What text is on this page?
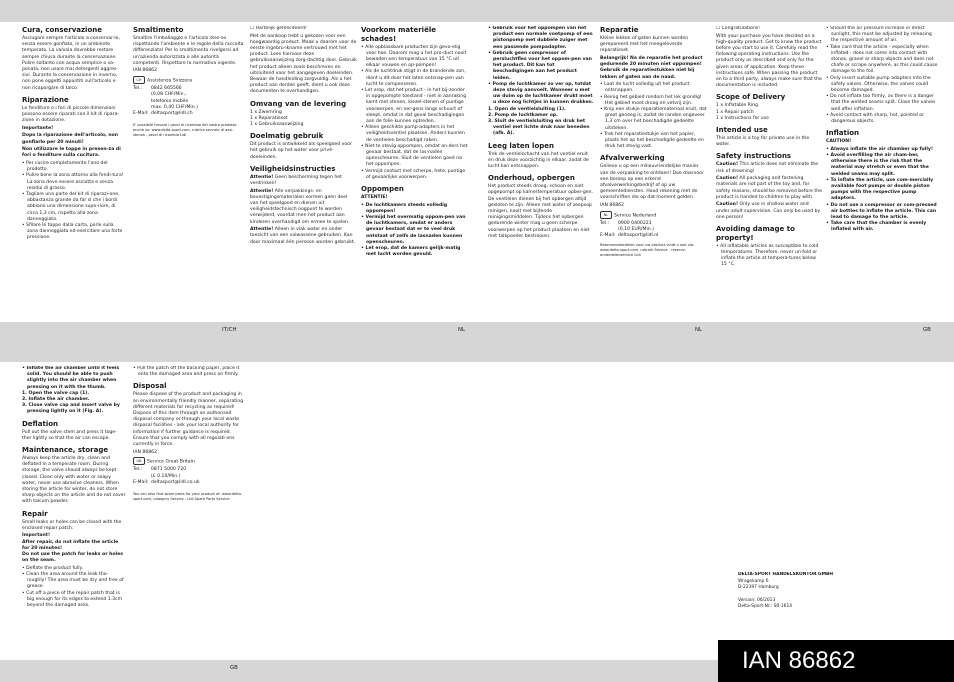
IT/CH	NL	NL	GB
GB
Cura, conservazione

Asciugare sempre l'articolo a conservar-lo, senza essere gonfiato, in un ambiente temperato. La valvola dovrebbe restare sempre chiusa durante la conservazione. Pulire soltanto con acqua semplice o sa-ponata, non usare mai detergenti aggres-sivi. Durante la conservazione in inverno, non pone oggetti appuntiti sull'articolo e non ricaporgare di talco.

Riparazione

Le fenditure o i fori di piccole dimensioni possono essere riparati con il kit di ripara-zione in dotazione.

Importante!

Dopo la riparazione dell'articolo, non gonfiarlo per 20 minuti!

Non utilizzare le toppe in presen-za di fori o fenditure sulla cucitura.

• Per cucire completamente l'ano del prodotto.
• Pulire bene la zona attorno alla fendi-tura! La zona deve essere asciutta e senza residui di grasso.
• Tagliare una parte del kit di riparazi-one, abbastanza grande da far sì che i bordi abbiano una dimensione supe-riore, di circa 1,3 cm, rispetto alla zona danneggiata.
• Sfilare le toppe dalla carta, porle sulla zona danneggiata ed esercitare una forte pressione.
Smaltimento

Smaltire l'imballaggio e l'articolo stes-so rispettando l'ambiente e le regole della raccolta differenziata! Per lo smaltimento rivolgersi ad un'azienda autorizzata o alle autorità competenti. Rispettare la normativa vigente.

IAN 86862

CH Assistenza Svizzera

Tel.:	0842 665566
(0,08 CHF/Min.,
telefonia mobile
max. 0,40 CHF/Min.)
E-Mail: deltasport@lidl.ch

E' possibile trovare i pezzi di ricambio del vostro prodotto anche su: www.delta-sport.com, rubrica servizio di assi-stenza - pezzi di ricambio Lidl

☐ Hartelijk gefeliciteerd!

Met de aankoop hebt u gekozen voor een hoogwaardig product. Maak u daarom voor de eerste ingebru-ikname vertrouwd met het product. Lees hiervoor deze gebruiksaanwijzing zorg-dachtig door. Gebruik het product alleen zoals beschreven en uitsluitend voor het aangegeven doeleinden. Bewaar de handleiding zorgvuldig. Als u het product aan derden geeft, dient u ook deze documenten te overhandigen.

Omvang van de levering

1 x Zwemring

1 x Reparatieset

1 x Gebruiksaanwijzing

Doelmatig gebruik

Dit product is ontwikkeld als speelgoed voor het gebruik op het water voor privé-doeleinden.

Veiligheidsinstructies

Attentie! Geen bescherming tegen het verdrinken!

Attentie! Alle verpakkings- en bevestigingsmaterialen vormen geen deel van het speelgoed en dienen uit veiligheidstechnisch oogpunt te worden verwijderd, voordat men het product aan kinderen overhandigd om ermee te spelen.

Attentie! Alleen in vlak water en onder toezicht van een volwassene gebruiken. Kan door maximaal één persoon worden gebruikt.

Voorkom materiële schades!
• Alle opblaasbare producten zijn gevo-elig voor hoe. Daarom mag u het pro-duct nooit bewaden een temperatuur van 15 °C uit elkaar vouwen en op-pompen!
• Als de luchtdruk stijgt in de brandende zon, dient u dit door het laten ontsnap-pen van lucht te compenseren.
• Let erop, dat het product - in het bij-zonder in opgepompte toestand - niet in aanraking komt met stenen, kiezel-stenen of puntige voorwerpen, en ner-gens langs schuurt of sleept, omdat in dat geval beschadigingen aan de folie kunnen optreden.
• Alleen geschikte pomp-adapters in het veiligheidsventiel plaatsen. Anders kunnen de ventielen beschadigd raken.
• Niet te stevig oppompen, omdat an-ders het gevaar bestaat, dat de las-naden openscheuren. Sluit de ventielen goed na het oppompen.
• Vermijd contact met scherpe, hete, puntige of gevaarlijke voorwerpen.
Oppompen

ATTENTIE!

• De luchtkamers steeds volledig oppompen!
• Vermijd het overmatig oppom-pen van de luchtkamers, omdat er anders gevaar bestaat dat er te veel druk ontstaat of zelfs de lasnaden kunnen openscheuren.
• Let erop, dat de kamers gelijk-matig met lucht worden gevuld.
• Gebruik voor het oppompen van het product een normale voetpomp of een pistonpomp met dubbele zuiger met een passende pompadapter.
• Gebruik geen compressor of persluchtfles voor het oppom-pen van het product. Dit kan tot beschadigingen aan het product leiden.
• Pomp de luchtkamer zo ver op, totdat deze stevig aanvoelt. Wanneer u met uw duim op de luchtkamer drukt moet u deze nog lichtjes in kunnen drukken.
1. Open de ventielsluiting (1).
2. Pomp de luchtkamer op.
3. Sluit de ventielsluiting en druk het ventiel met lichte druk naar beneden (afb. A).
Leeg laten lopen

Trek de ventielschacht van het ventiel eruit en druk deze voorzichtig in elkaar, zodat de lucht kan ontsnappen.

Onderhoud, opbergen

Het product steeds droog, schoon en niet opgepompt op kamertemperatuur opber-gen. De ventielen dienen bij het opbergen altijd gesloten te zijn. Alleen met water of zeepsop reinigen, nooit met bijtende reinigingsmiddelen. Tijdens het opbergen gedurende winter mag u geen scherpe voorwerpen op het product plaatsen en niet met talkpoeder bestrooien.

Reparatie

Kleine lekken of gaten kunnen worden gerepareerd met het meegeleverde reparatieset.

Belangrijk! Na de reparatie het product gedurende 20 minuten niet oppompen! Gebruik de reparatiestukken niet bij lekken of gaten aan de naad.

• Laat de lucht volledig uit het product ontsnappen.
• Reinig het gebied rondom het lek grondig! Het gebied moet droog en vetvrij zijn.
• Knip een stukje reparatiemateriaal eruit, dat groot genoeg is, zodat de randen ongeveer 1,3 cm over het beschadigde gedeelte uitsteken.
• Trek het reparatiestukje van het papier, plaats het op het beschadigde gedeelte en druk het stevig vast.
Afvalverwerking

Gelieve u op een milieuvriendelijke manier van de verpakking te ontdoen! Doe daarvoor een beroep op een erkend afvalverwerkingsbedrijf of op uw gemeentediensten. Houd rekening met de voorschriften die op dat moment gelden.

IAN 86862

NL Service Nederland

Tel.:	0900 0400223
(0,10 EUR/Min.)
E-Mail: deltasport@lidl.nl

Reserveonderdelen voor uw product vindt u ook via: www.delta-sport.com, rubriek Service - reserve-onderdelenservice Lidl

☐ Congratulations!

With your purchase you have decided on a high-quality product. Get to know the product before you start to use it. Carefully read the following operating instructions. Use the product only as described and only for the given areas of application. Keep these instructions safe. When passing the product on to a third party, always make sure that the documentation is included.

Scope of Delivery

1 x Inflatable Ring

1 x Repair patch

1 x Instructions for use

Intended use

This article is a toy for private use in the water.

Safety instructions

Caution! This article does not eliminate the risk of drowning!

Caution! All packaging and fastening materials are not part of the toy and, for safety reasons, should be removed before the product is handed to children to play with.

Caution! Only use in shallow water and under adult supervision. Can only be used by one person!

Avoiding damage to property!
• All inflatable articles as susceptible to cold temperatures. Therefore, never un-fold or inflate the article at tempera-tures below 15 °C.
• Should the air pressure increase in direct sunlight, this must be adjusted by releasing the respective amount of air.
• Take care that the article - especially when inflated - does not come into contact with stones, gravel or sharp objects and does not chafe or scrape anywhere, as this could cause damage to the foil.
• Only insert suitable pump adapters into the safety valves. Otherwise, the valves could become damaged.
• Do not inflate too firmly, as there is a danger that the welded seams split. Close the valves well after inflation.
• Avoid contact with sharp, hot, pointed or dangerous objects.
Inflation

CAUTION!

• Always inflate the air chamber up fully!
• Avoid overfilling the air cham-ber, otherwise there is the risk that the material may stretch or even that the welded seams may split.
• To inflate the article, use com-mercially available foot pumps or double piston pumps with the respective pump adaptors.
• Do not use a compressor or com-pressed air bottles to inflate the article. This can lead to damage to the article.
• Take care that the chamber is evenly inflated with air.
• Inflate the air chamber until it feels solid. You should be able to push slightly into the air chamber when pressing on it with the thumb.
1. Open the valve cap (1).
2. Inflate the air chamber.
3. Close valve cap and insert valve by pressing lightly on it (Fig. A).
Deflation

Pull out the valve stem and press it toge-ther lightly so that the air can escape.

Maintenance, storage

Always keep the article dry, clean and deflated in a temperate room. During storage, the valve should always be kept closed. Clean only with water or soapy water, never use abrasive cleaners. When storing the article for winter, do not store sharp objects on the article and do not cover with talcum powder.

Repair

Small leaks or holes can be closed with the enclosed repair patch.

Important!

After repair, do not inflate the article for 20 minutes!

Do not use the patch for leaks or holes on the seam.

• Deflate the product fully.
• Clean the area around the leak tho-roughly! The area must be dry and free of grease.
• Cut off a piece of the repair patch that is big enough for its edges to extend 1.3cm beyond the damaged area.
• Pull the patch off the backing paper, place it onto the damaged area and press on firmly.
Disposal

Please dispose of the product and packaging in an environmentally friendly manner, separating different materials for recycling as required! Dispose of this item through an authorised disposal company or through your local waste disposal facilities - ask your local authority for information if further guidance is required. Ensure that you comply with all regulati-ons currently in force.

IAN 86862

GB Service Great Britain

Tel.:	0871 5000 720
(£ 0.10/Min.)
E-Mail: deltasport@lidl.co.uk

You can also find spare parts for your product at: www.delta-sport.com, category Service - Lidl Spare Parts Service

DELTA-SPORT HANDELSKONTOR GMBH

Wragekamp 6

D-22397 Hamburg

Version: 06/2013

Delta-Sport-Nr.: SR-1614

IAN 86862
